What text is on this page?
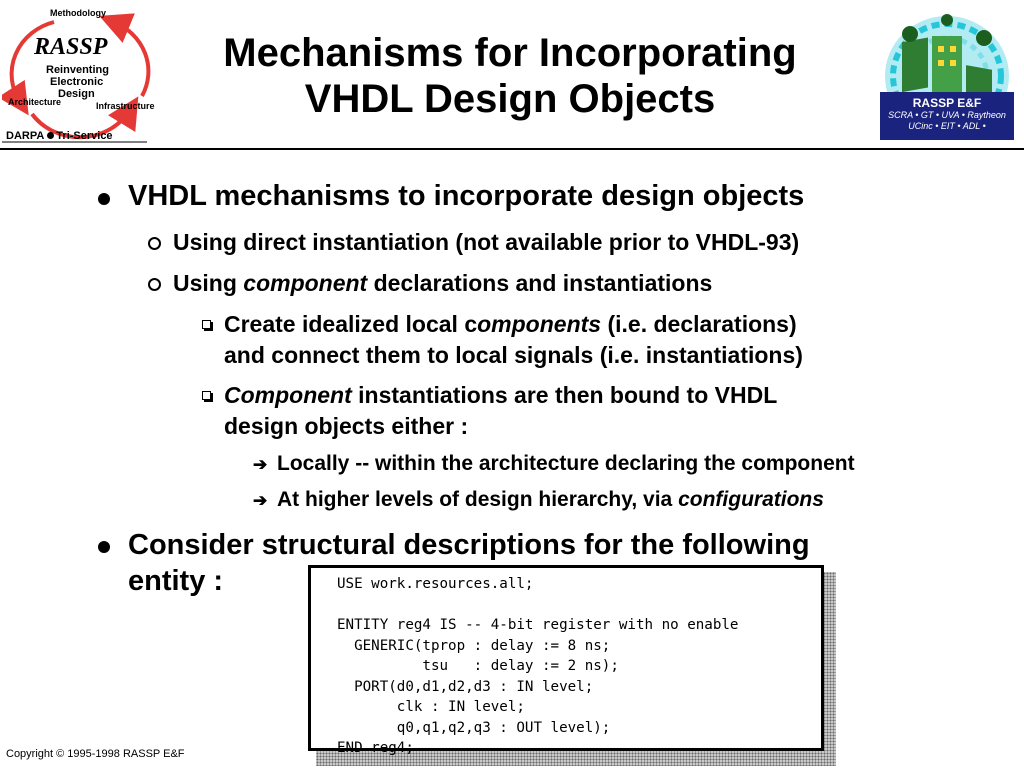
Methodology
RASSP
Reinventing
Electronic
Design
Architecture	Infrastructure
DARPA Tri-Service
Mechanisms for Incorporating
VHDL Design Objects	RASSP E&F
SCRA • GT • UVA • Raytheon
UCinc • EIT • ADL •
VHDL mechanisms to incorporate design objects
Using direct instantiation (not available prior to VHDL-93)
Using component declarations and instantiations
Create idealized local components (i.e. declarations)
and connect them to local signals (i.e. instantiations)
Component instantiations are then bound to VHDL
design objects either :
➔ Locally -- within the architecture declaring the component
➔ At higher levels of design hierarchy, via configurations
Consider structural descriptions for the following
entity :	USE work.resources.all;

ENTITY reg4 IS -- 4-bit register with no enable
GENERIC(tprop : delay := 8 ns;
tsu   : delay := 2 ns);
PORT(d0,d1,d2,d3 : IN level;
clk : IN level;
q0,q1,q2,q3 : OUT level);
END reg4;
Copyright © 1995-1998 RASSP E&F
